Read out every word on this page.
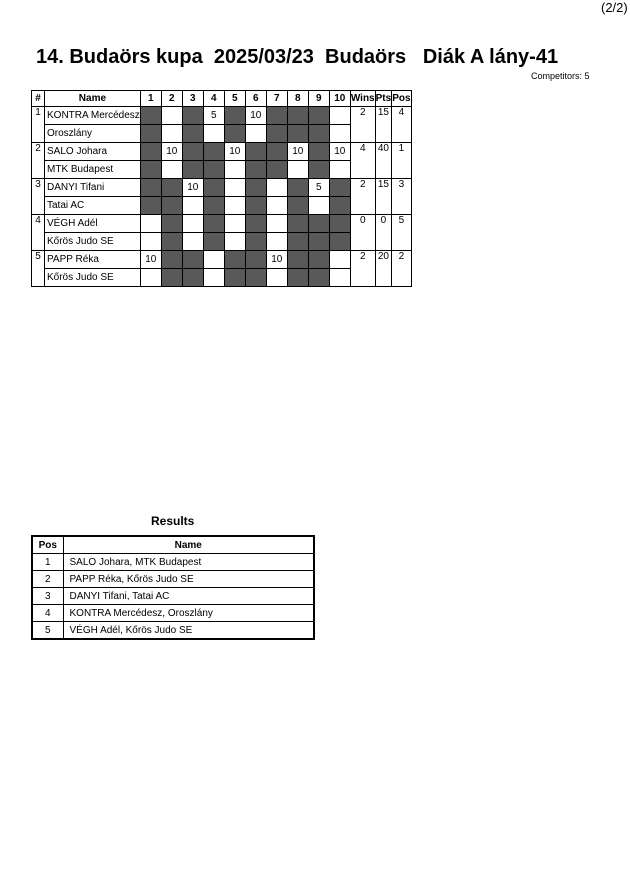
(2/2)
14. Budaörs kupa  2025/03/23  Budaörs   Diák A lány-41
Competitors: 5
#	Name	1	2	3	4	5	6	7	8	9	10	Wins	Pts	Pos
1	KONTRA Mercédesz				5		10					2	15	4
	Oroszlány													
2	SALO Johara		10			10			10		10	4	40	1
	MTK Budapest													
3	DANYI Tifani			10						5		2	15	3
	Tatai AC													
4	VÉGH Adél											0	0	5
	Kőrös Judo SE													
5	PAPP Réka	10						10				2	20	2
	Kőrös Judo SE													
Results
Pos	Name
1	SALO Johara, MTK Budapest
2	PAPP Réka, Kőrös Judo SE
3	DANYI Tifani, Tatai AC
4	KONTRA Mercédesz, Oroszlány
5	VÉGH Adél, Kőrös Judo SE
